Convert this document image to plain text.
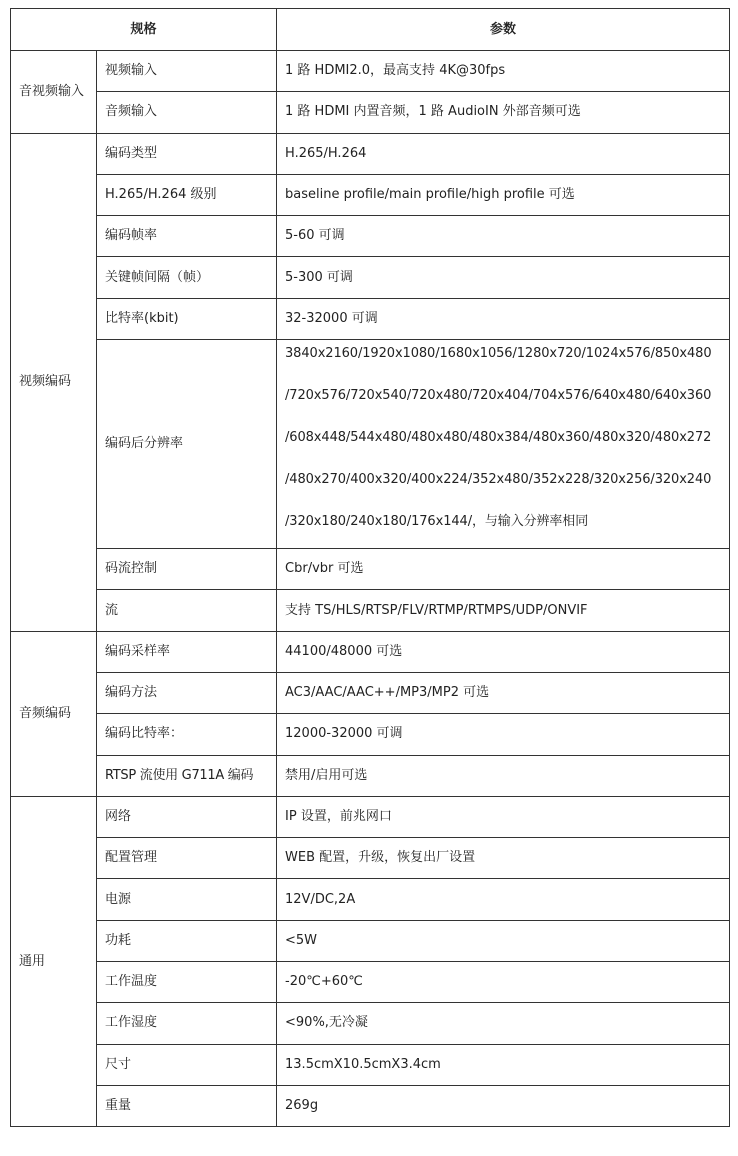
规格		参数
音视频输入	视频输入	1 路 HDMI2.0，最高支持 4K@30fps
	音频输入	1 路 HDMI 内置音频，1 路 AudioIN 外部音频可选
视频编码	编码类型	H.265/H.264
	H.265/H.264 级别	baseline profile/main profile/high profile 可选
	编码帧率	5-60 可调
	关键帧间隔（帧）	5-300 可调
	比特率(kbit)	32-32000 可调
	编码后分辨率	3840x2160/1920x1080/1680x1056/1280x720/1024x576/850x480
/720x576/720x540/720x480/720x404/704x576/640x480/640x360
/608x448/544x480/480x480/480x384/480x360/480x320/480x272
/480x270/400x320/400x224/352x480/352x228/320x256/320x240
/320x180/240x180/176x144/，与输入分辨率相同

	码流控制	Cbr/vbr 可选
	流	支持 TS/HLS/RTSP/FLV/RTMP/RTMPS/UDP/ONVIF
音频编码	编码采样率	44100/48000 可选
	编码方法	AC3/AAC/AAC++/MP3/MP2 可选
	编码比特率：	12000-32000 可调
	RTSP 流使用 G711A 编码	禁用/启用可选
通用	网络	IP 设置，前兆网口
	配置管理	WEB 配置，升级，恢复出厂设置
	电源	12V/DC,2A
	功耗	<5W
	工作温度	-20℃+60℃
	工作湿度	<90%,无冷凝
	尺寸	13.5cmX10.5cmX3.4cm
	重量	269g
